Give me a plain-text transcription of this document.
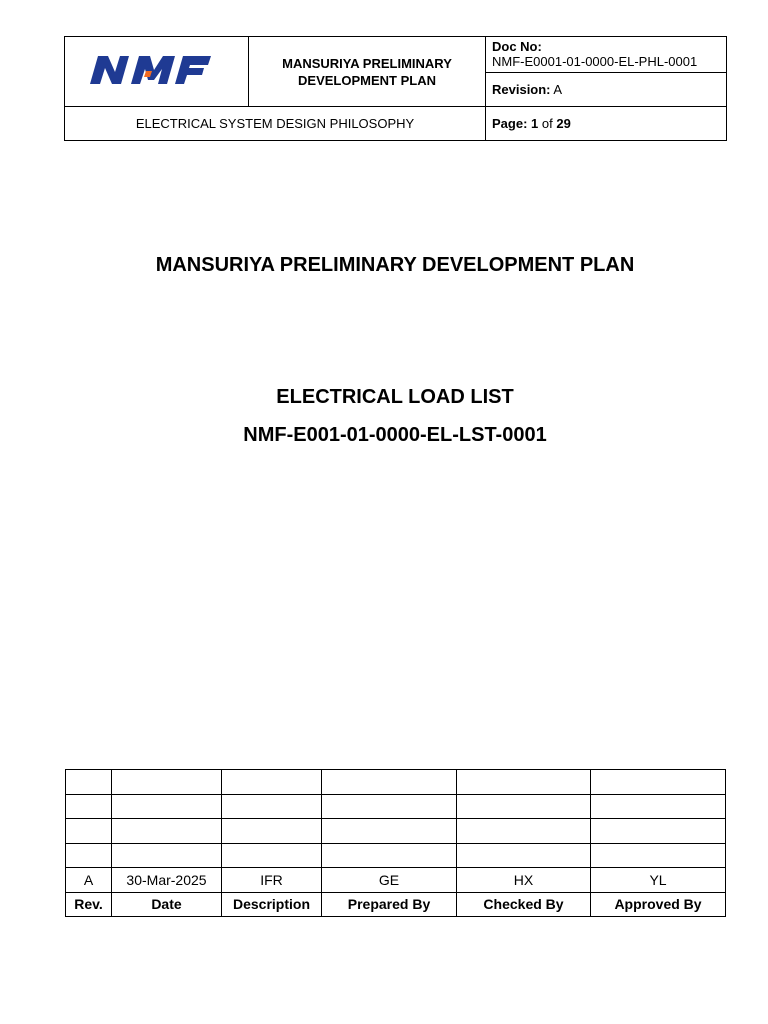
	MANSURIYA PRELIMINARY DEVELOPMENT PLAN	Doc No:
NMF-E0001-01-0000-EL-PHL-0001
		Revision: A
ELECTRICAL SYSTEM DESIGN PHILOSOPHY		Page: 1 of 29
MANSURIYA PRELIMINARY DEVELOPMENT PLAN
ELECTRICAL LOAD LIST
NMF-E001-01-0000-EL-LST-0001

A	30-Mar-2025	IFR	GE	HX	YL
Rev.	Date	Description	Prepared By	Checked By	Approved By
